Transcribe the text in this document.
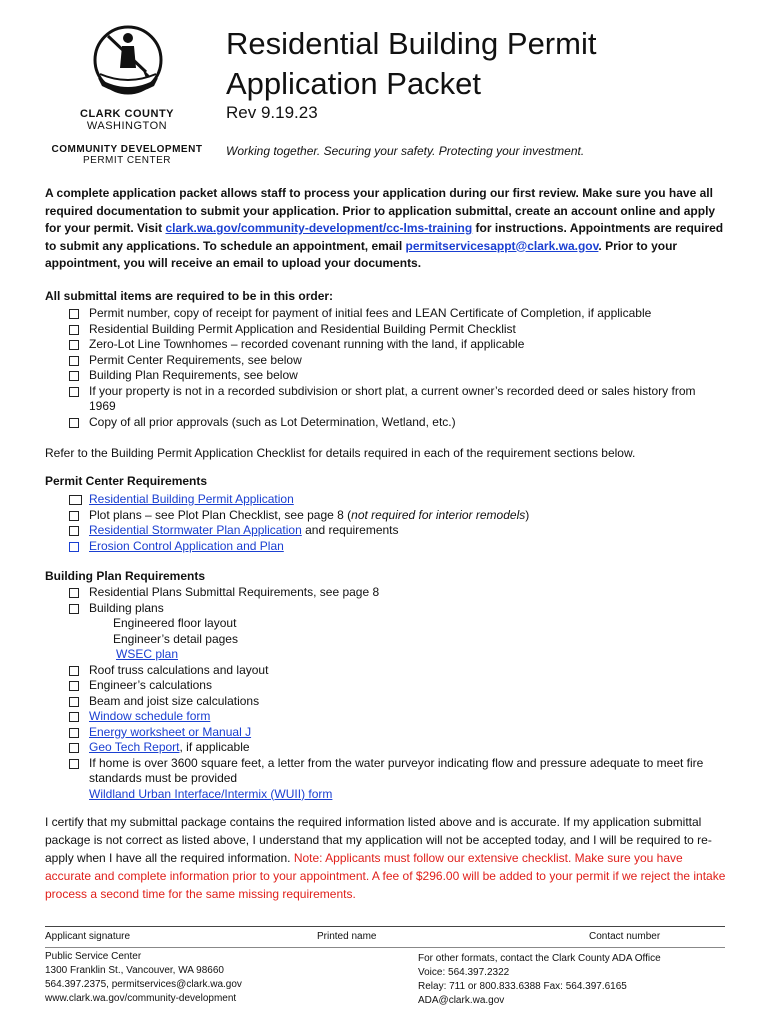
CLARK COUNTY
WASHINGTON
COMMUNITY DEVELOPMENT
PERMIT CENTER
Residential Building Permit
Application Packet
Rev 9.19.23
Working together. Securing your safety. Protecting your investment.
A complete application packet allows staff to process your application during our first review. Make sure you have all required documentation to submit your application. Prior to application submittal, create an account online and apply for your permit. Visit clark.wa.gov/community-development/cc-lms-training for instructions. Appointments are required to submit any applications. To schedule an appointment, email permitservicesappt@clark.wa.gov. Prior to your appointment, you will receive an email to upload your documents.
All submittal items are required to be in this order:
Permit number, copy of receipt for payment of initial fees and LEAN Certificate of Completion, if applicable
Residential Building Permit Application and Residential Building Permit Checklist
Zero-Lot Line Townhomes – recorded covenant running with the land, if applicable
Permit Center Requirements, see below
Building Plan Requirements, see below
If your property is not in a recorded subdivision or short plat, a current owner’s recorded deed or sales history from 1969
Copy of all prior approvals (such as Lot Determination, Wetland, etc.)
Refer to the Building Permit Application Checklist for details required in each of the requirement sections below.
Permit Center Requirements
Residential Building Permit Application
Plot plans – see Plot Plan Checklist, see page 8 (not required for interior remodels)
Residential Stormwater Plan Application and requirements
Erosion Control Application and Plan
Building Plan Requirements
Residential Plans Submittal Requirements, see page 8
Building plans
Engineered floor layout
Engineer’s detail pages
WSEC plan
Roof truss calculations and layout
Engineer’s calculations
Beam and joist size calculations
Window schedule form
Energy worksheet or Manual J
Geo Tech Report, if applicable
If home is over 3600 square feet, a letter from the water purveyor indicating flow and pressure adequate to meet fire standards must be provided
Wildland Urban Interface/Intermix (WUII) form
I certify that my submittal package contains the required information listed above and is accurate. If my application submittal package is not correct as listed above, I understand that my application will not be accepted today, and I will be required to re-apply when I have all the required information. Note: Applicants must follow our extensive checklist. Make sure you have accurate and complete information prior to your appointment. A fee of $296.00 will be added to your permit if we reject the intake process a second time for the same missing requirements.
Applicant signature	Printed name	Contact number
Public Service Center
1300 Franklin St., Vancouver, WA 98660
564.397.2375, permitservices@clark.wa.gov
www.clark.wa.gov/community-development
For other formats, contact the Clark County ADA Office
Voice: 564.397.2322
Relay: 711 or 800.833.6388 Fax: 564.397.6165
ADA@clark.wa.gov
